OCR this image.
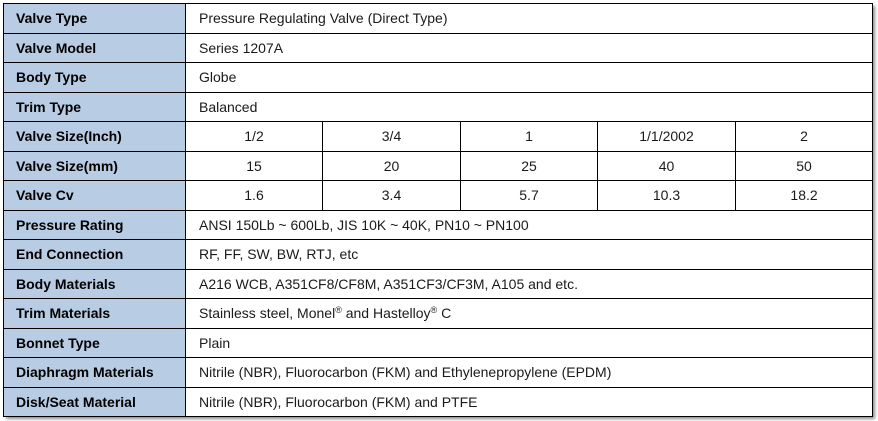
Valve Type	Pressure Regulating Valve (Direct Type)				
Valve Model	Series 1207A				
Body Type	Globe				
Trim Type	Balanced				
Valve Size(Inch)	1/2	3/4	1	1/1/2002	2
Valve Size(mm)	15	20	25	40	50
Valve Cv	1.6	3.4	5.7	10.3	18.2
Pressure Rating	ANSI 150Lb ~ 600Lb, JIS 10K ~ 40K, PN10 ~ PN100				
End Connection	RF, FF, SW, BW, RTJ, etc				
Body Materials	A216 WCB, A351CF8/CF8M, A351CF3/CF3M, A105 and etc.				
Trim Materials	Stainless steel, Monel® and Hastelloy® C				
Bonnet Type	Plain				
Diaphragm Materials	Nitrile (NBR), Fluorocarbon (FKM) and Ethylenepropylene (EPDM)				
Disk/Seat Material	Nitrile (NBR), Fluorocarbon (FKM) and PTFE				
